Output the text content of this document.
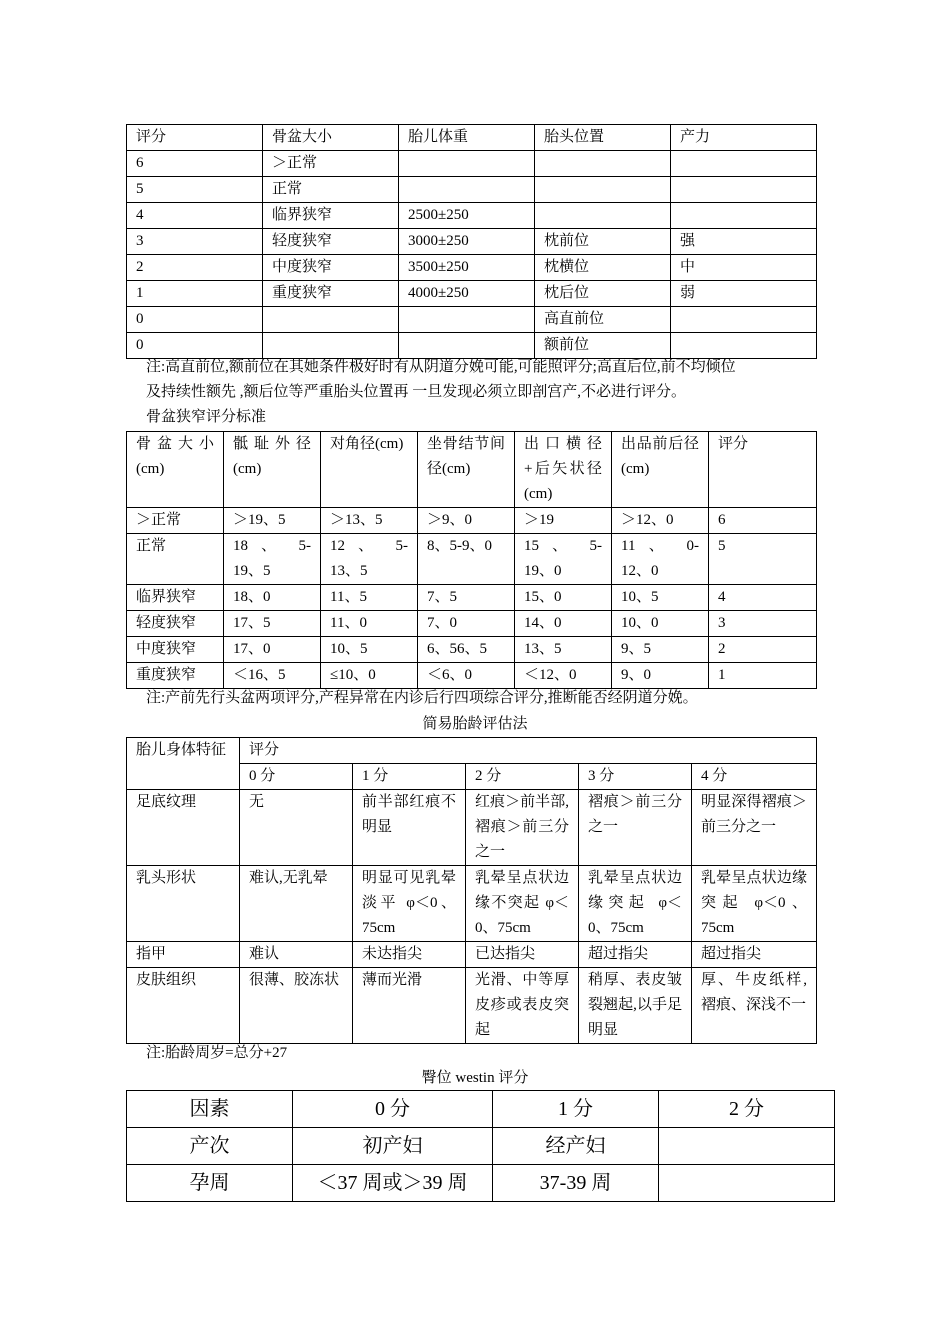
评分	骨盆大小	胎儿体重	胎头位置	产力
6	＞正常			
5	正常			
4	临界狭窄	2500±250		
3	轻度狭窄	3000±250	枕前位	强
2	中度狭窄	3500±250	枕横位	中
1	重度狭窄	4000±250	枕后位	弱
0			高直前位	
0			额前位	
注:高直前位,额前位在其她条件极好时有从阴道分娩可能,可能照评分;高直后位,前不均倾位
及持续性额先 ,额后位等严重胎头位置再 一旦发现必须立即剖宫产,不必进行评分。
骨盆狭窄评分标准
骨盆大小(cm)	骶耻外径(cm)	对角径(cm)	坐骨结节间径(cm)	出口横径+后矢状径(cm)	出品前后径(cm)	评分
＞正常	＞19、5	＞13、5	＞9、0	＞19	＞12、0	6
正常	18 、 5-19、5	12 、 5-13、5	8、5-9、0	15 、 5-19、0	11 、 0-12、0	5
临界狭窄	18、0	11、5	7、5	15、0	10、5	4
轻度狭窄	17、5	11、0	7、0	14、0	10、0	3
中度狭窄	17、0	10、5	6、56、5	13、5	9、5	2
重度狭窄	＜16、5	≤10、0	＜6、0	＜12、0	9、0	1
注:产前先行头盆两项评分,产程异常在内诊后行四项综合评分,推断能否经阴道分娩。
简易胎龄评估法
胎儿身体特征	评分				
	0 分	1 分	2 分	3 分	4 分
足底纹理	无	前半部红痕不明显	红痕＞前半部,褶痕＞前三分之一	褶痕＞前三分之一	明显深得褶痕＞前三分之一
乳头形状	难认,无乳晕	明显可见乳晕淡平 φ＜0、75cm	乳晕呈点状边缘不突起 φ＜0、75cm	乳晕呈点状边缘突起 φ＜0、75cm	乳晕呈点状边缘突起 φ＜0、75cm
指甲	难认	未达指尖	已达指尖	超过指尖	超过指尖
皮肤组织	很薄、胶冻状	薄而光滑	光滑、中等厚皮疹或表皮突起	稍厚、表皮皱裂翘起,以手足明显	厚、牛皮纸样,褶痕、深浅不一
注:胎龄周岁=总分+27
臀位 westin 评分
因素	0 分	1 分	2 分
产次	初产妇	经产妇	
孕周	＜37 周或＞39 周	37-39 周	
